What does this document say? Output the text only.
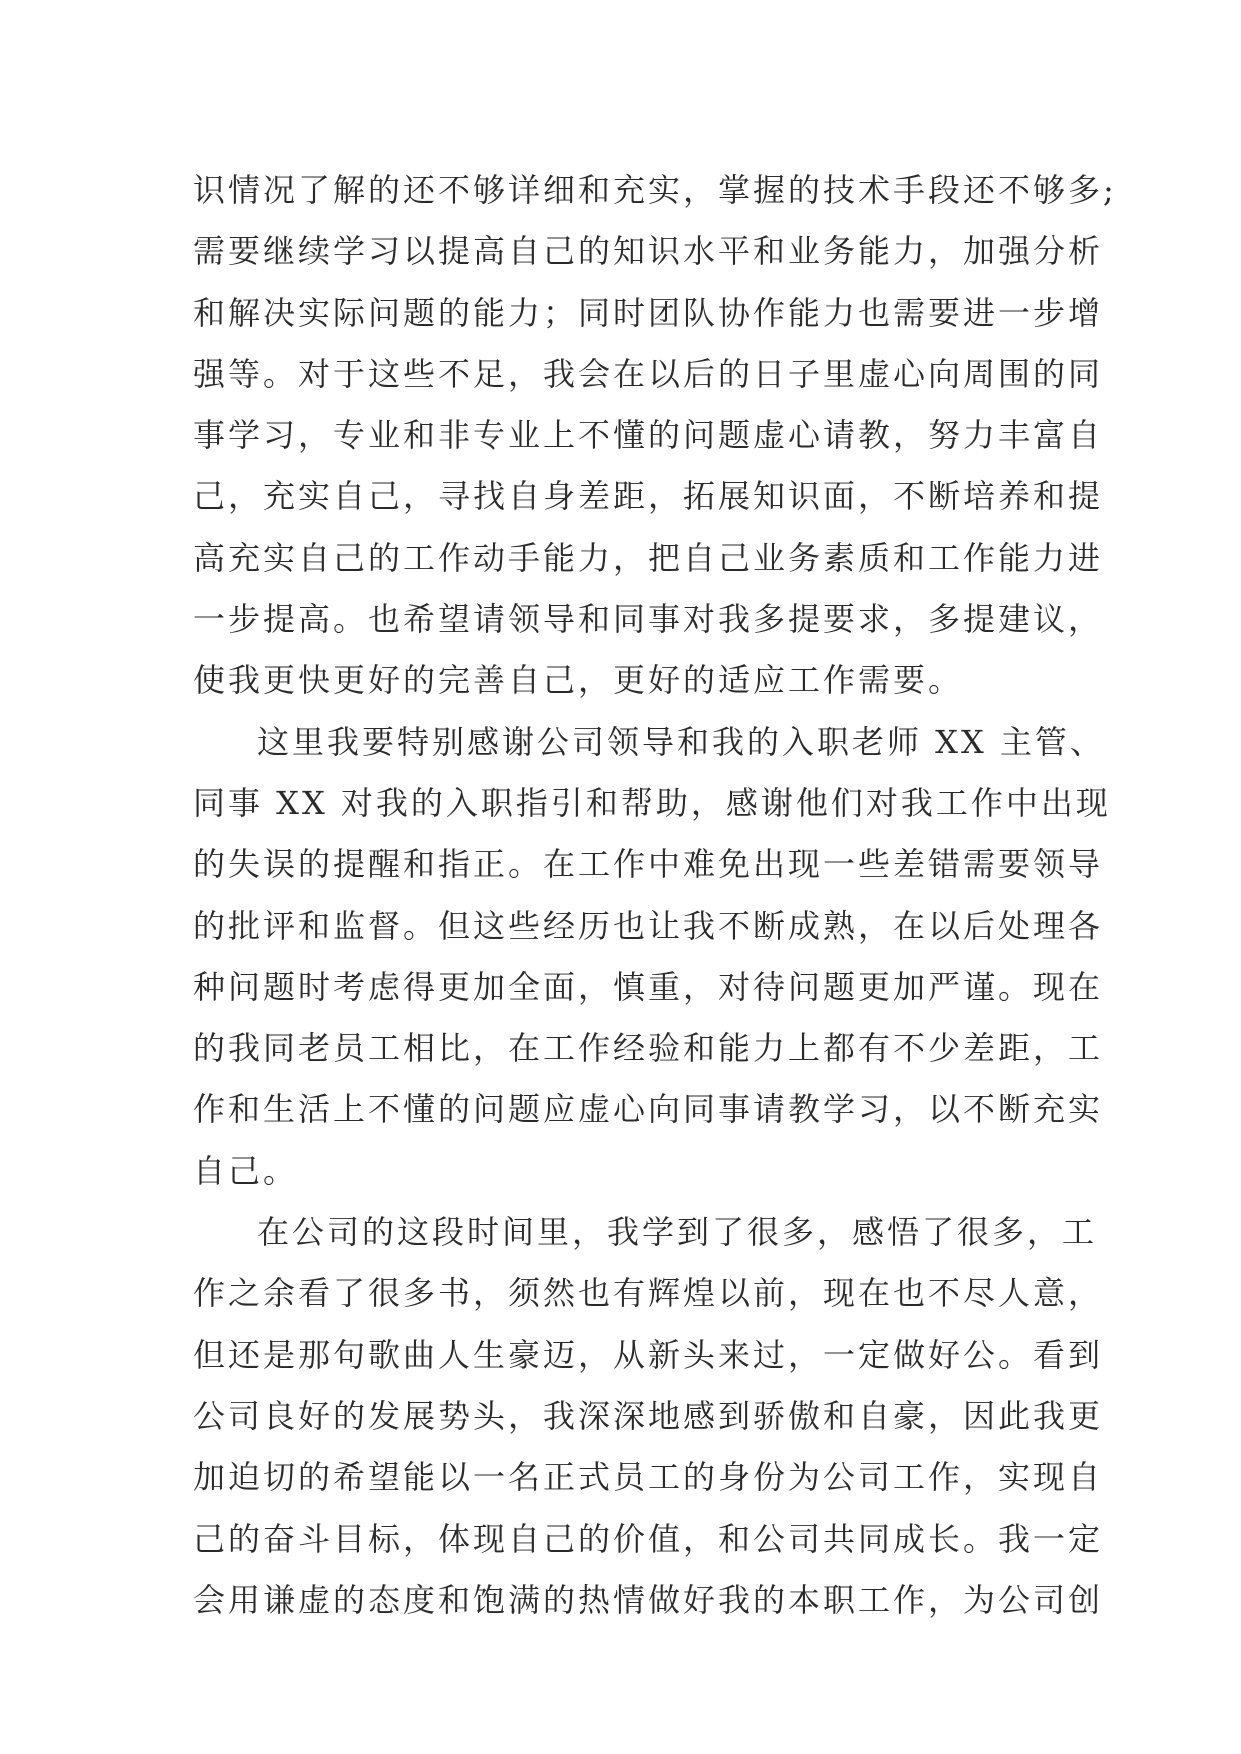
识情况了解的还不够详细和充实，掌握的技术手段还不够多;
需要继续学习以提高自己的知识水平和业务能力，加强分析
和解决实际问题的能力；同时团队协作能力也需要进一步增
强等。对于这些不足，我会在以后的日子里虚心向周围的同
事学习，专业和非专业上不懂的问题虚心请教，努力丰富自
己，充实自己，寻找自身差距，拓展知识面，不断培养和提
高充实自己的工作动手能力，把自己业务素质和工作能力进
一步提高。也希望请领导和同事对我多提要求，多提建议，
使我更快更好的完善自己，更好的适应工作需要。
这里我要特别感谢公司领导和我的入职老师 XX 主管、
同事 XX 对我的入职指引和帮助，感谢他们对我工作中出现
的失误的提醒和指正。在工作中难免出现一些差错需要领导
的批评和监督。但这些经历也让我不断成熟，在以后处理各
种问题时考虑得更加全面，慎重，对待问题更加严谨。现在
的我同老员工相比，在工作经验和能力上都有不少差距，工
作和生活上不懂的问题应虚心向同事请教学习，以不断充实
自己。
在公司的这段时间里，我学到了很多，感悟了很多，工
作之余看了很多书，须然也有辉煌以前，现在也不尽人意，
但还是那句歌曲人生豪迈，从新头来过，一定做好公。看到
公司良好的发展势头，我深深地感到骄傲和自豪，因此我更
加迫切的希望能以一名正式员工的身份为公司工作，实现自
己的奋斗目标，体现自己的价值，和公司共同成长。我一定
会用谦虚的态度和饱满的热情做好我的本职工作，为公司创
